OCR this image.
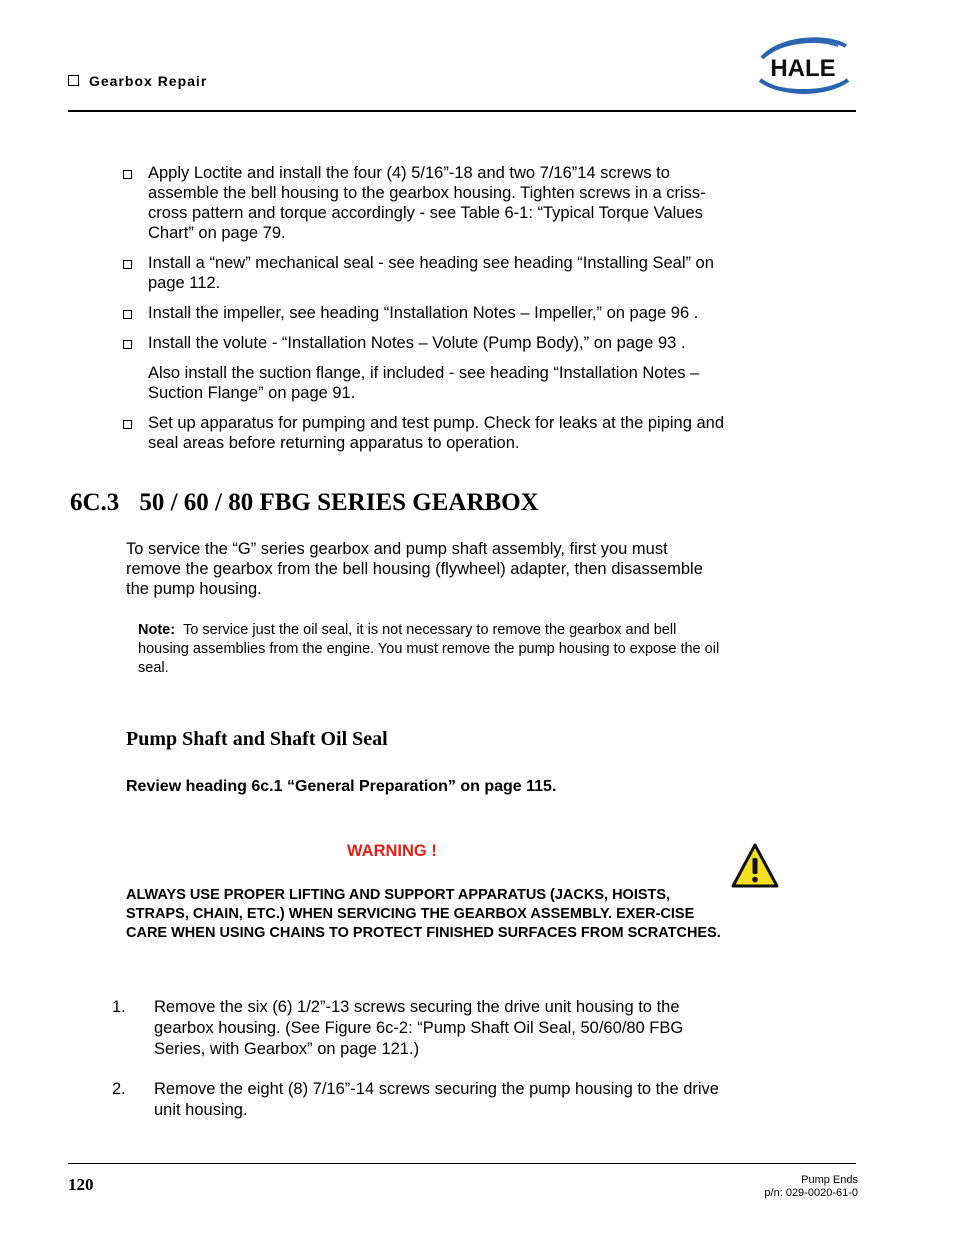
Gearbox Repair	HALE
Apply Loctite and install the four (4) 5/16”-18 and two 7/16”14 screws to assemble the bell housing to the gearbox housing. Tighten screws in a criss-cross pattern and torque accordingly - see Table 6-1: “Typical Torque Values Chart” on page 79.
Install a “new” mechanical seal - see heading see heading “Installing Seal” on page 112.
Install the impeller, see heading “Installation Notes – Impeller,” on page 96 .
Install the volute - “Installation Notes – Volute (Pump Body),” on page 93 .
Also install the suction flange, if included - see heading “Installation Notes – Suction Flange” on page 91.
Set up apparatus for pumping and test pump. Check for leaks at the piping and seal areas before returning apparatus to operation.
6C.3 50 / 60 / 80 FBG SERIES GEARBOX
To service the “G” series gearbox and pump shaft assembly, first you must remove the gearbox from the bell housing (flywheel) adapter, then disassemble the pump housing.
Note: To service just the oil seal, it is not necessary to remove the gearbox and bell housing assemblies from the engine. You must remove the pump housing to expose the oil seal.
Pump Shaft and Shaft Oil Seal
Review heading 6c.1 “General Preparation” on page 115.
WARNING !
ALWAYS USE PROPER LIFTING AND SUPPORT APPARATUS (JACKS, HOISTS, STRAPS, CHAIN, ETC.) WHEN SERVICING THE GEARBOX ASSEMBLY. EXER-CISE CARE WHEN USING CHAINS TO PROTECT FINISHED SURFACES FROM SCRATCHES.
1. Remove the six (6) 1/2”-13 screws securing the drive unit housing to the gearbox housing. (See Figure 6c-2: “Pump Shaft Oil Seal, 50/60/80 FBG Series, with Gearbox” on page 121.)
2. Remove the eight (8) 7/16”-14 screws securing the pump housing to the drive unit housing.
120	Pump Ends
p/n: 029-0020-61-0
